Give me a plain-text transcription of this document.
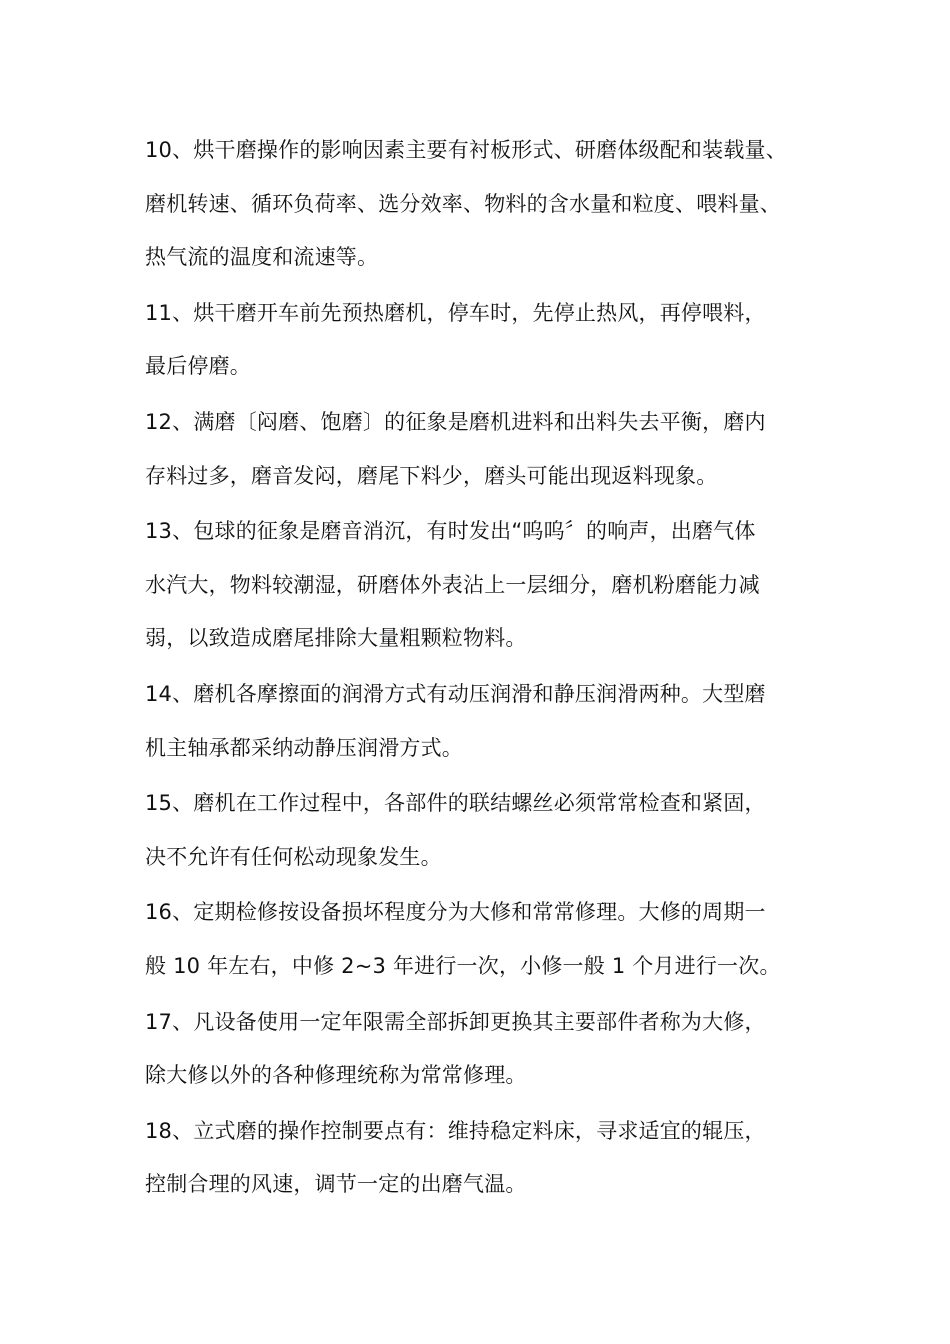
10、烘干磨操作的影响因素主要有衬板形式、研磨体级配和装载量、
磨机转速、循环负荷率、选分效率、物料的含水量和粒度、喂料量、
热气流的温度和流速等。

11、烘干磨开车前先预热磨机，停车时，先停止热风，再停喂料，
最后停磨。

12、满磨〔闷磨、饱磨〕的征象是磨机进料和出料失去平衡，磨内
存料过多，磨音发闷，磨尾下料少，磨头可能出现返料现象。

13、包球的征象是磨音消沉，有时发出“呜呜〞的响声，出磨气体
水汽大，物料较潮湿，研磨体外表沾上一层细分，磨机粉磨能力减
弱，以致造成磨尾排除大量粗颗粒物料。

14、磨机各摩擦面的润滑方式有动压润滑和静压润滑两种。大型磨
机主轴承都采纳动静压润滑方式。

15、磨机在工作过程中，各部件的联结螺丝必须常常检查和紧固，
决不允许有任何松动现象发生。

16、定期检修按设备损坏程度分为大修和常常修理。大修的周期一
般 10 年左右，中修 2~3 年进行一次，小修一般 1 个月进行一次。

17、凡设备使用一定年限需全部拆卸更换其主要部件者称为大修，
除大修以外的各种修理统称为常常修理。

18、立式磨的操作控制要点有：维持稳定料床，寻求适宜的辊压，
控制合理的风速，调节一定的出磨气温。
